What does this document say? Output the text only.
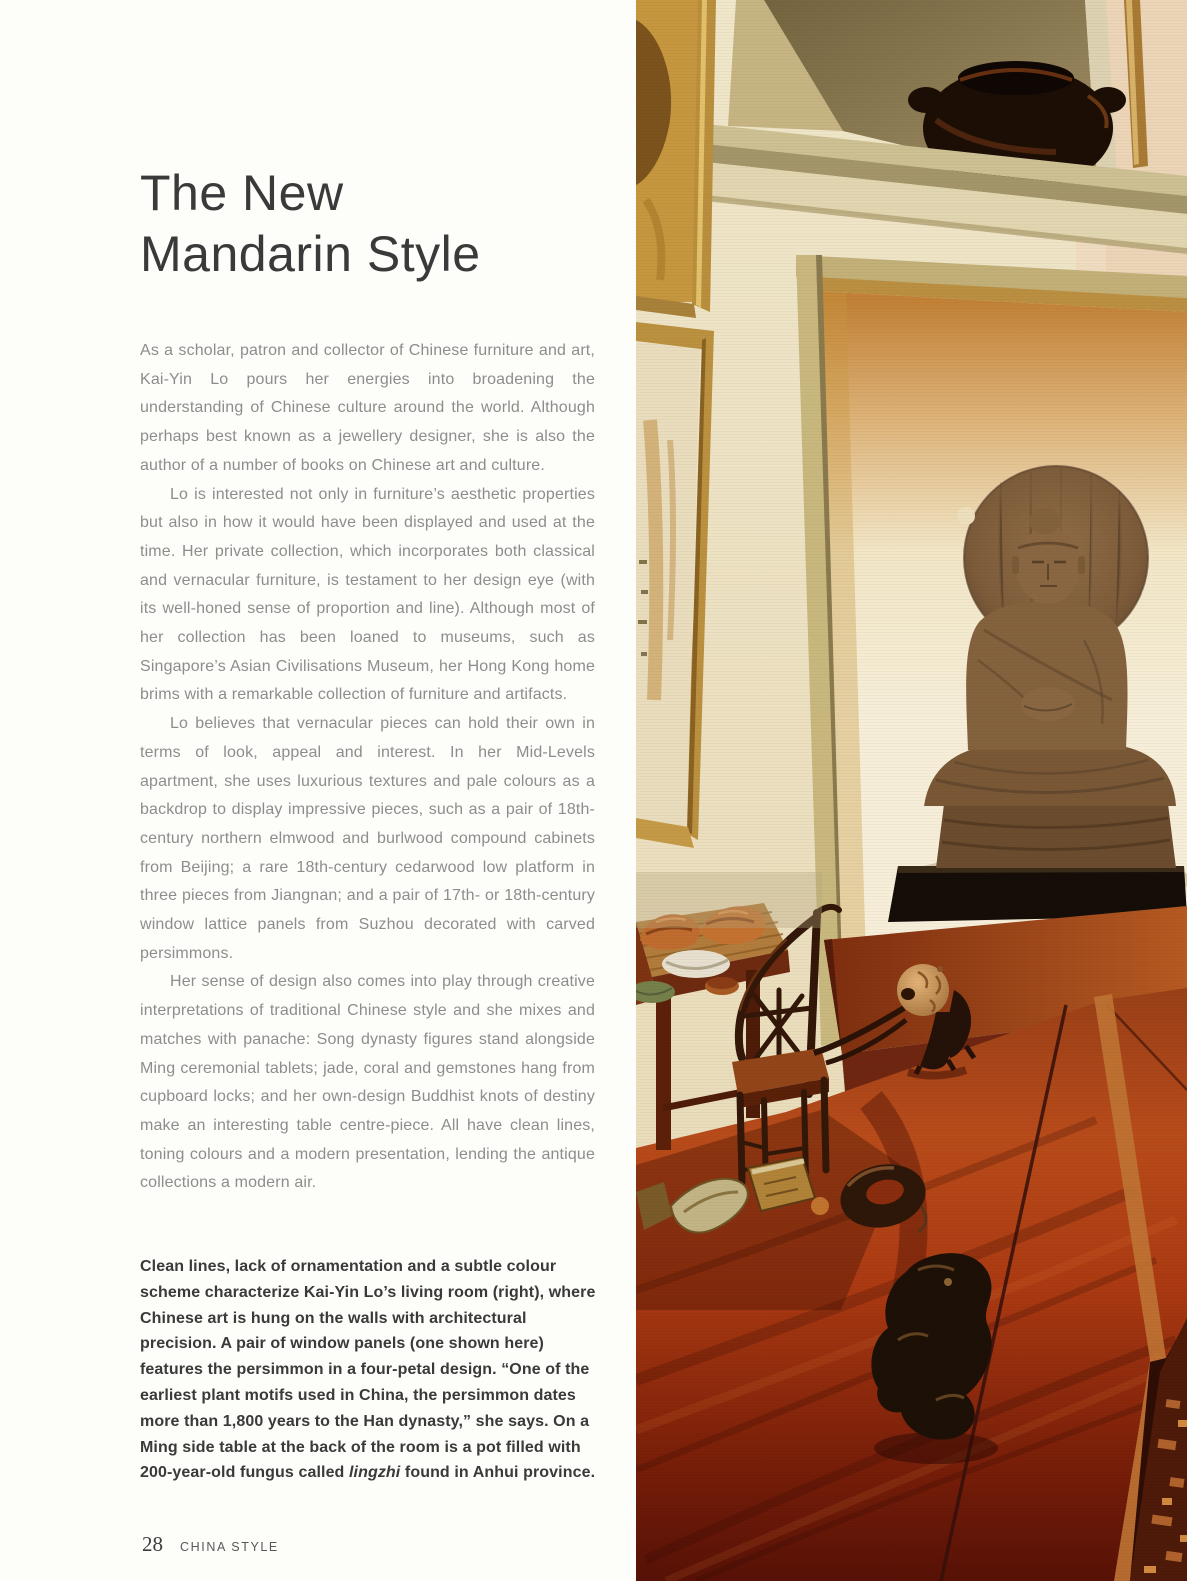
The New
Mandarin Style

As a scholar, patron and collector of Chinese furniture and art, Kai-Yin Lo pours her energies into broadening the understanding of Chinese culture around the world. Although perhaps best known as a jewellery designer, she is also the author of a number of books on Chinese art and culture.

Lo is interested not only in furniture’s aesthetic properties but also in how it would have been displayed and used at the time. Her private collection, which incorporates both classical and vernacular furniture, is testament to her design eye (with its well-honed sense of proportion and line). Although most of her collection has been loaned to museums, such as Singapore’s Asian Civilisations Museum, her Hong Kong home brims with a remarkable collection of furniture and artifacts.

Lo believes that vernacular pieces can hold their own in terms of look, appeal and interest. In her Mid-Levels apartment, she uses luxurious textures and pale colours as a backdrop to display impressive pieces, such as a pair of 18th-century northern elmwood and burlwood compound cabinets from Beijing; a rare 18th-century cedarwood low platform in three pieces from Jiangnan; and a pair of 17th- or 18th-century window lattice panels from Suzhou decorated with carved persimmons.

Her sense of design also comes into play through creative interpretations of traditional Chinese style and she mixes and matches with panache: Song dynasty figures stand alongside Ming ceremonial tablets; jade, coral and gemstones hang from cupboard locks; and her own-design Buddhist knots of destiny make an interesting table centre-piece. All have clean lines, toning colours and a modern presentation, lending the antique collections a modern air.

Clean lines, lack of ornamentation and a subtle colour scheme characterize Kai-Yin Lo’s living room (right), where Chinese art is hung on the walls with architectural precision. A pair of window panels (one shown here) features the persimmon in a four-petal design. “One of the earliest plant motifs used in China, the persimmon dates more than 1,800 years to the Han dynasty,” she says. On a Ming side table at the back of the room is a pot filled with 200-year-old fungus called lingzhi found in Anhui province.

28 CHINA STYLE
